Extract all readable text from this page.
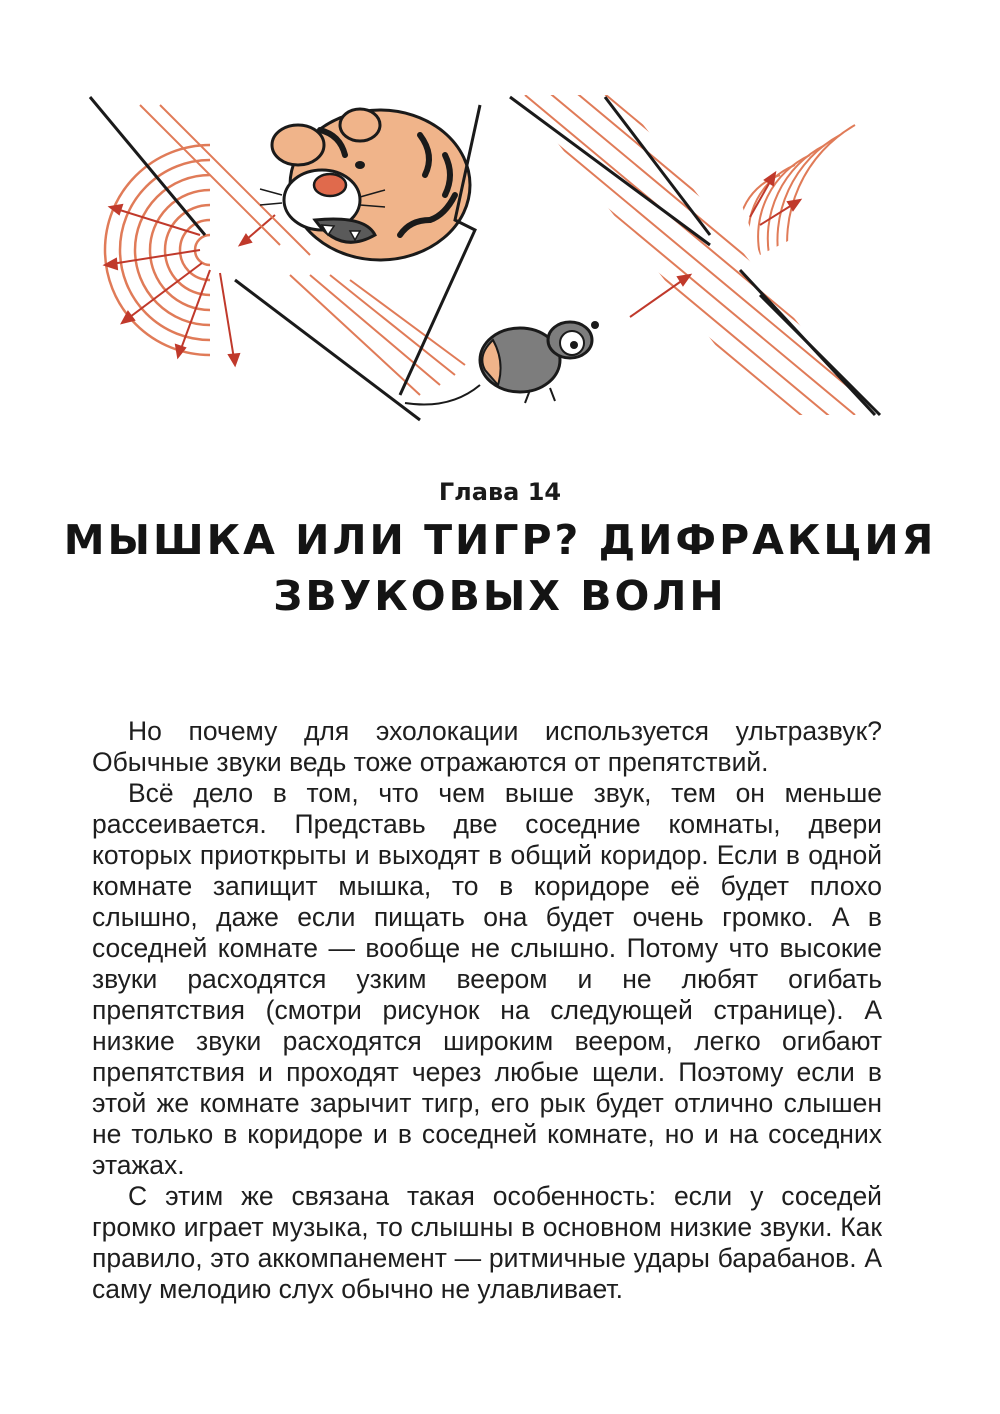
Глава 14
МЫШКА ИЛИ ТИГР? ДИФРАКЦИЯ
ЗВУКОВЫХ ВОЛН

Но почему для эхолокации используется ультразвук? Обычные звуки ведь тоже отражаются от препятствий.

Всё дело в том, что чем выше звук, тем он меньше рассеивается. Представь две соседние комнаты, двери которых приоткрыты и выходят в общий коридор. Если в одной комнате запищит мышка, то в коридоре её будет плохо слышно, даже если пищать она будет очень громко. А в соседней комнате — вообще не слышно. Потому что высокие звуки расходятся узким веером и не любят огибать препятствия (смотри рисунок на следующей странице). А низкие звуки расходятся широким веером, легко огибают препятствия и проходят через любые щели. Поэтому если в этой же комнате зарычит тигр, его рык будет отлично слышен не только в коридоре и в соседней комнате, но и на соседних этажах.

С этим же связана такая особенность: если у соседей громко играет музыка, то слышны в основном низкие звуки. Как правило, это аккомпанемент — ритмичные удары барабанов. А саму мелодию слух обычно не улавливает.
